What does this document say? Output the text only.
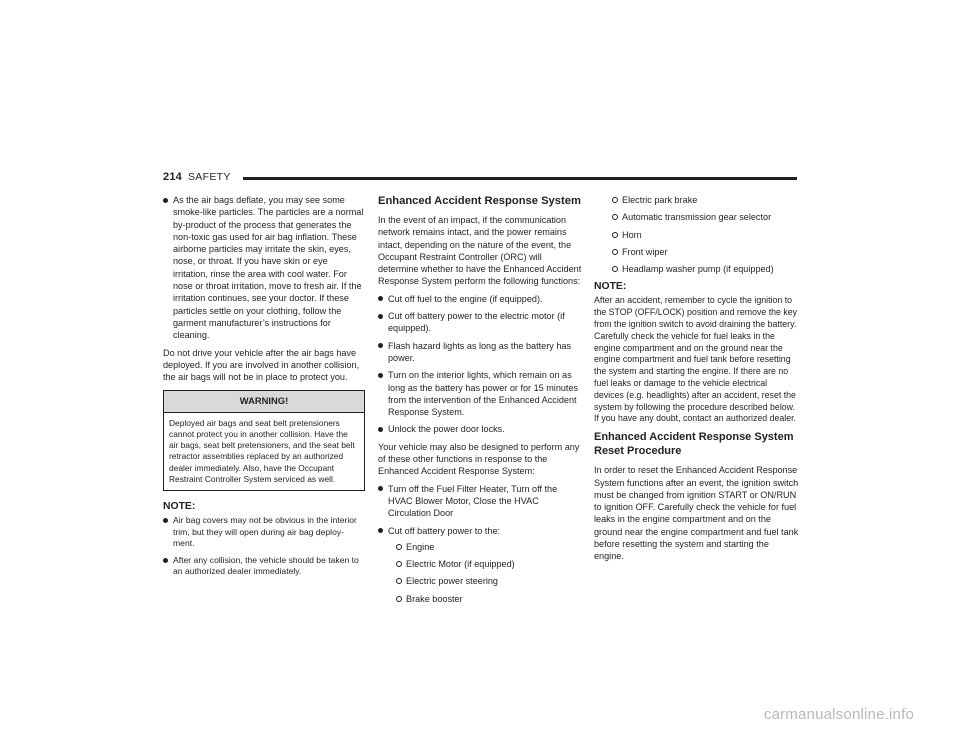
214 SAFETY
As the air bags deflate, you may see some smoke-like particles. The particles are a normal by-product of the process that generates the non-toxic gas used for air bag inflation. These airborne particles may irritate the skin, eyes, nose, or throat. If you have skin or eye irritation, rinse the area with cool water. For nose or throat irritation, move to fresh air. If the irritation continues, see your doctor. If these particles settle on your clothing, follow the garment manufacturer’s instructions for cleaning.

Do not drive your vehicle after the air bags have deployed. If you are involved in another collision, the air bags will not be in place to protect you.

WARNING!
Deployed air bags and seat belt pretensioners cannot protect you in another collision. Have the air bags, seat belt pretensioners, and the seat belt retractor assemblies replaced by an authorized dealer immediately. Also, have the Occupant Restraint Controller System serviced as well.
NOTE:
Air bag covers may not be obvious in the interior trim, but they will open during air bag deploy-ment.
After any collision, the vehicle should be taken to an authorized dealer immediately.
Enhanced Accident Response System

In the event of an impact, if the communication network remains intact, and the power remains intact, depending on the nature of the event, the Occupant Restraint Controller (ORC) will determine whether to have the Enhanced Accident Response System perform the following functions:

Cut off fuel to the engine (if equipped).
Cut off battery power to the electric motor (if equipped).
Flash hazard lights as long as the battery has power.
Turn on the interior lights, which remain on as long as the battery has power or for 15 minutes from the intervention of the Enhanced Accident Response System.
Unlock the power door locks.

Your vehicle may also be designed to perform any of these other functions in response to the Enhanced Accident Response System:

Turn off the Fuel Filter Heater, Turn off the HVAC Blower Motor, Close the HVAC Circulation Door
Cut off battery power to the:
Engine
Electric Motor (if equipped)
Electric power steering
Brake booster
Electric park brake
Automatic transmission gear selector
Horn
Front wiper
Headlamp washer pump (if equipped)
NOTE:

After an accident, remember to cycle the ignition to the STOP (OFF/LOCK) position and remove the key from the ignition switch to avoid draining the battery. Carefully check the vehicle for fuel leaks in the engine compartment and on the ground near the engine compartment and fuel tank before resetting the system and starting the engine. If there are no fuel leaks or damage to the vehicle electrical devices (e.g. headlights) after an accident, reset the system by following the procedure described below. If you have any doubt, contact an authorized dealer.

Enhanced Accident Response System Reset Procedure

In order to reset the Enhanced Accident Response System functions after an event, the ignition switch must be changed from ignition START or ON/RUN to ignition OFF. Carefully check the vehicle for fuel leaks in the engine compartment and on the ground near the engine compartment and fuel tank before resetting the system and starting the engine.

carmanualsonline.info
